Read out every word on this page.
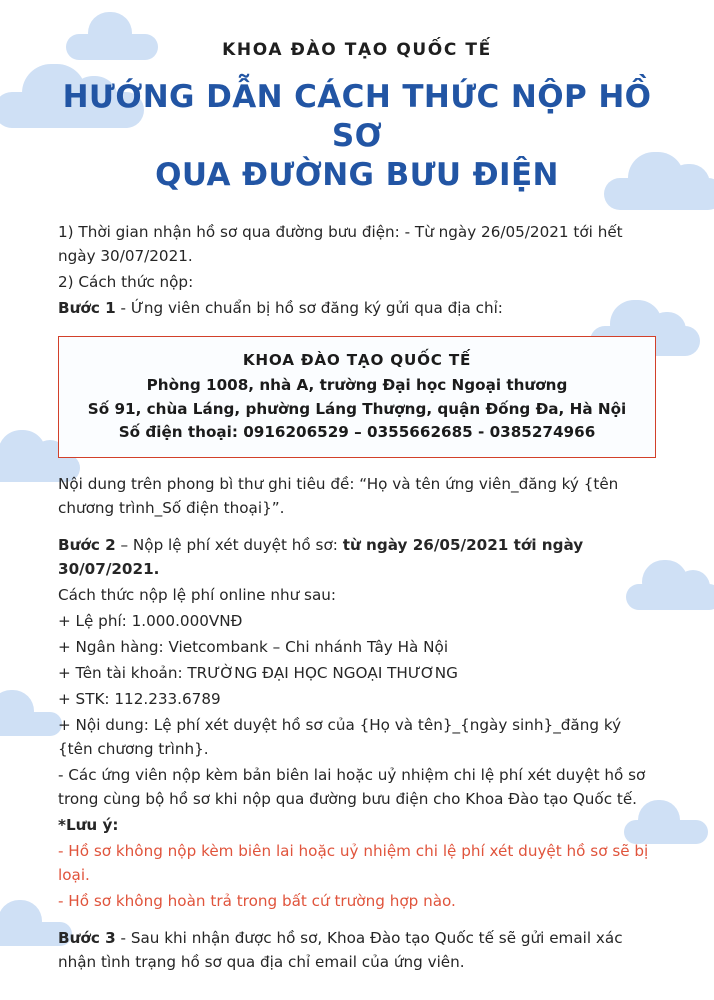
KHOA ĐÀO TẠO QUỐC TẾ
HƯỚNG DẪN CÁCH THỨC NỘP HỒ SƠ
QUA ĐƯỜNG BƯU ĐIỆN

1) Thời gian nhận hồ sơ qua đường bưu điện: - Từ ngày 26/05/2021 tới hết ngày 30/07/2021.

2) Cách thức nộp:

Bước 1 - Ứng viên chuẩn bị hồ sơ đăng ký gửi qua địa chỉ:

KHOA ĐÀO TẠO QUỐC TẾ
Phòng 1008, nhà A, trường Đại học Ngoại thương
Số 91, chùa Láng, phường Láng Thượng, quận Đống Đa, Hà Nội
Số điện thoại: 0916206529 – 0355662685 - 0385274966

Nội dung trên phong bì thư ghi tiêu đề: “Họ và tên ứng viên_đăng ký {tên chương trình_Số điện thoại}”.

Bước 2 – Nộp lệ phí xét duyệt hồ sơ: từ ngày 26/05/2021 tới ngày 30/07/2021.

Cách thức nộp lệ phí online như sau:

+ Lệ phí: 1.000.000VNĐ

+ Ngân hàng: Vietcombank – Chi nhánh Tây Hà Nội

+ Tên tài khoản: TRƯỜNG ĐẠI HỌC NGOẠI THƯƠNG

+ STK: 112.233.6789

+ Nội dung: Lệ phí xét duyệt hồ sơ của {Họ và tên}_{ngày sinh}_đăng ký {tên chương trình}.

- Các ứng viên nộp kèm bản biên lai hoặc uỷ nhiệm chi lệ phí xét duyệt hồ sơ trong cùng bộ hồ sơ khi nộp qua đường bưu điện cho Khoa Đào tạo Quốc tế.

*Lưu ý:

- Hồ sơ không nộp kèm biên lai hoặc uỷ nhiệm chi lệ phí xét duyệt hồ sơ sẽ bị loại.

- Hồ sơ không hoàn trả trong bất cứ trường hợp nào.

Bước 3 - Sau khi nhận được hồ sơ, Khoa Đào tạo Quốc tế sẽ gửi email xác nhận tình trạng hồ sơ qua địa chỉ email của ứng viên.
